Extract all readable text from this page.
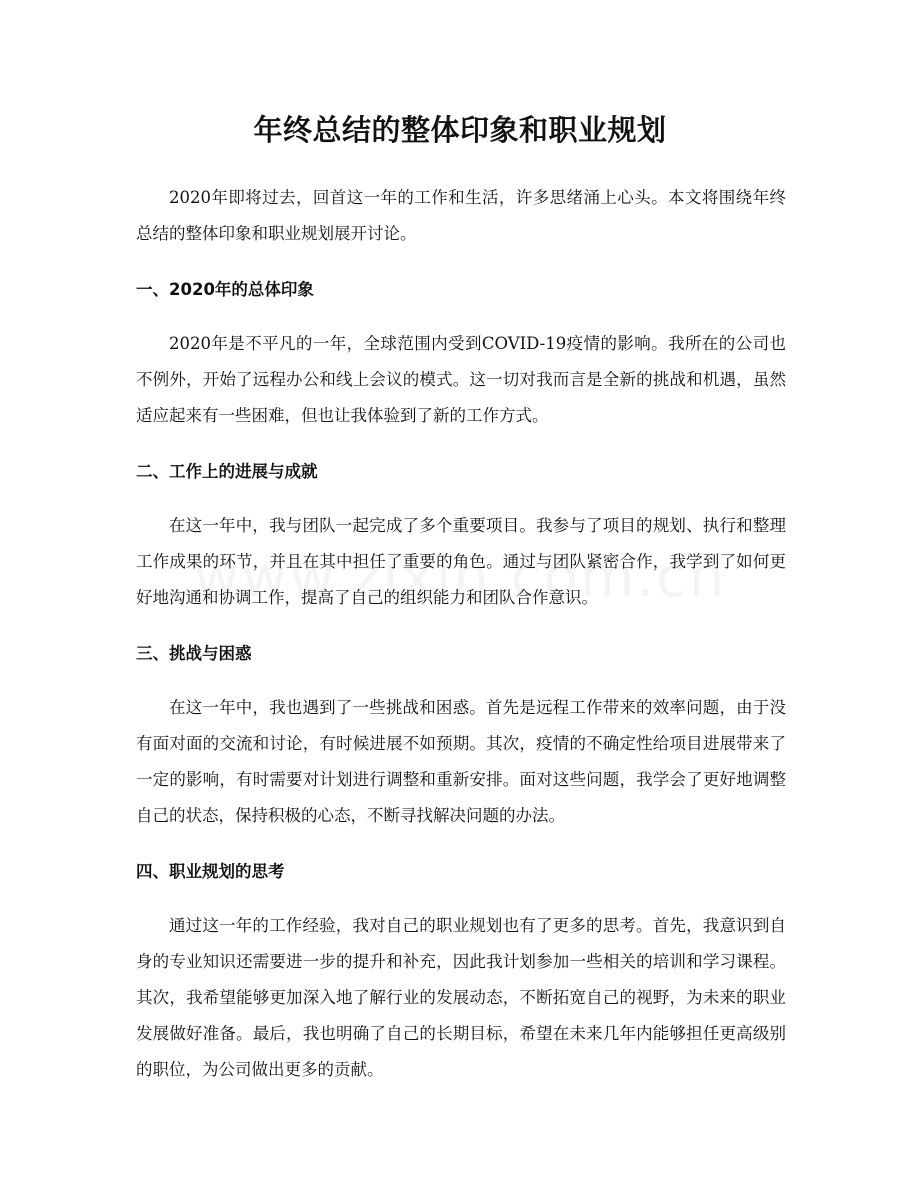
年终总结的整体印象和职业规划

2020年即将过去，回首这一年的工作和生活，许多思绪涌上心头。本文将围绕年终总结的整体印象和职业规划展开讨论。

一、2020年的总体印象

2020年是不平凡的一年，全球范围内受到COVID-19疫情的影响。我所在的公司也不例外，开始了远程办公和线上会议的模式。这一切对我而言是全新的挑战和机遇，虽然适应起来有一些困难，但也让我体验到了新的工作方式。

二、工作上的进展与成就

在这一年中，我与团队一起完成了多个重要项目。我参与了项目的规划、执行和整理工作成果的环节，并且在其中担任了重要的角色。通过与团队紧密合作，我学到了如何更好地沟通和协调工作，提高了自己的组织能力和团队合作意识。

三、挑战与困惑

在这一年中，我也遇到了一些挑战和困惑。首先是远程工作带来的效率问题，由于没有面对面的交流和讨论，有时候进展不如预期。其次，疫情的不确定性给项目进展带来了一定的影响，有时需要对计划进行调整和重新安排。面对这些问题，我学会了更好地调整自己的状态，保持积极的心态，不断寻找解决问题的办法。

四、职业规划的思考

通过这一年的工作经验，我对自己的职业规划也有了更多的思考。首先，我意识到自身的专业知识还需要进一步的提升和补充，因此我计划参加一些相关的培训和学习课程。其次，我希望能够更加深入地了解行业的发展动态，不断拓宽自己的视野，为未来的职业发展做好准备。最后，我也明确了自己的长期目标，希望在未来几年内能够担任更高级别的职位，为公司做出更多的贡献。
